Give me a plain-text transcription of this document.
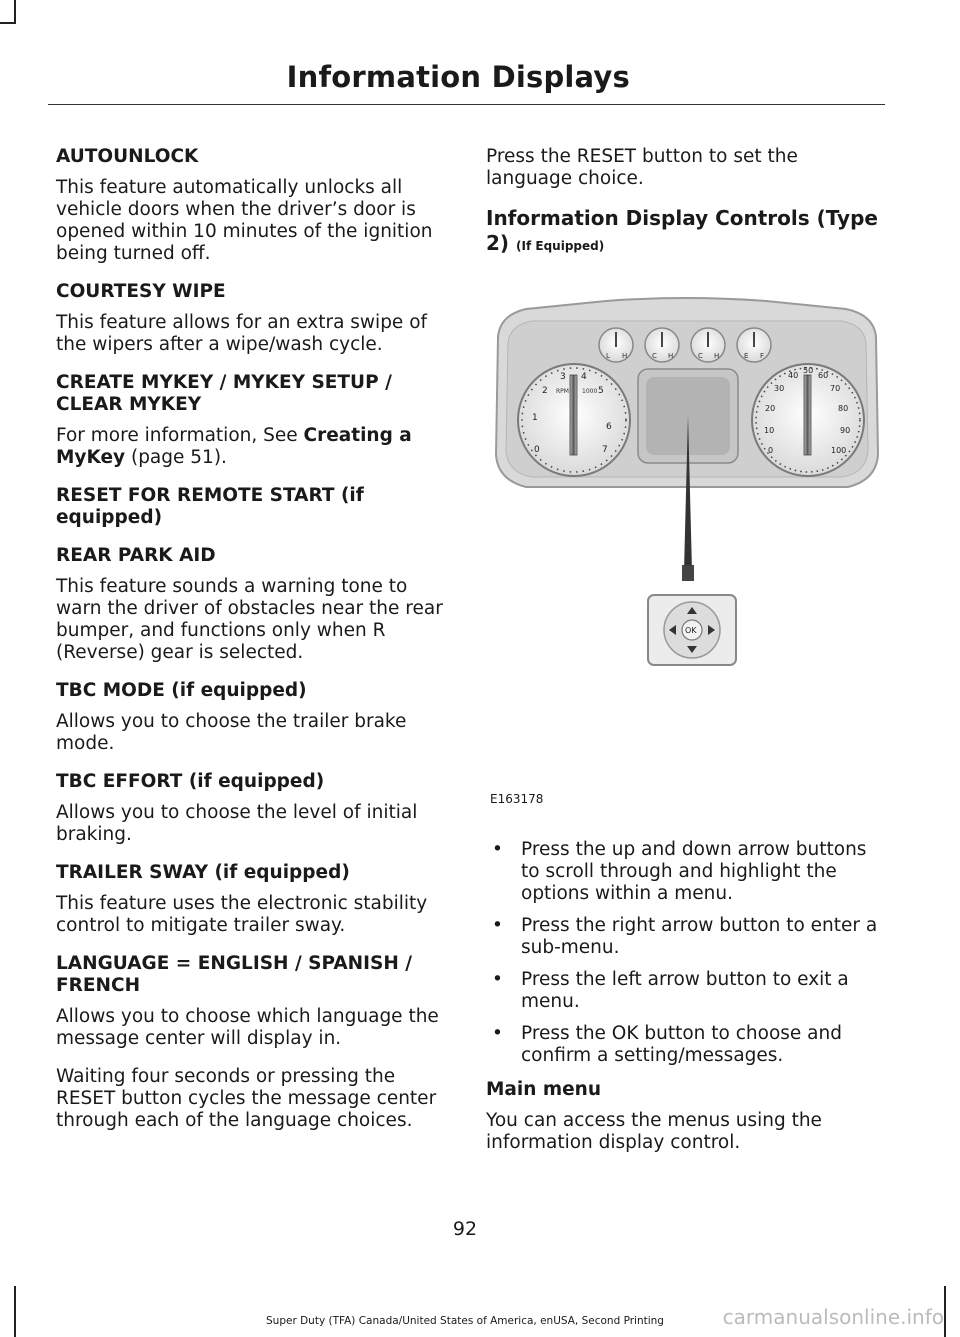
Information Displays
AUTOUNLOCK
This feature automatically unlocks all vehicle doors when the driver’s door is opened within 10 minutes of the ignition being turned off.
COURTESY WIPE
This feature allows for an extra swipe of the wipers after a wipe/wash cycle.
CREATE MYKEY / MYKEY SETUP / CLEAR MYKEY
For more information, See Creating a MyKey (page 51).
RESET FOR REMOTE START (if equipped)
REAR PARK AID
This feature sounds a warning tone to warn the driver of obstacles near the rear bumper, and functions only when R (Reverse) gear is selected.
TBC MODE (if equipped)
Allows you to choose the trailer brake mode.
TBC EFFORT (if equipped)
Allows you to choose the level of initial braking.
TRAILER SWAY (if equipped)
This feature uses the electronic stability control to mitigate trailer sway.
LANGUAGE = ENGLISH / SPANISH / FRENCH
Allows you to choose which language the message center will display in.
Waiting four seconds or pressing the RESET button cycles the message center through each of the language choices.
Press the RESET button to set the language choice.
Information Display Controls (Type 2) (If Equipped)
L H	C H	C H	E F
0
1
2
3 4
5
6
7
RPM 1000
0
10
20
30
40
50
60
70
80
90
100
OK
E163178
• Press the up and down arrow buttons to scroll through and highlight the options within a menu.
• Press the right arrow button to enter a sub-menu.
• Press the left arrow button to exit a menu.
• Press the OK button to choose and confirm a setting/messages.
Main menu
You can access the menus using the information display control.
92
Super Duty (TFA) Canada/United States of America, enUSA, Second Printing	carmanualsonline.info
